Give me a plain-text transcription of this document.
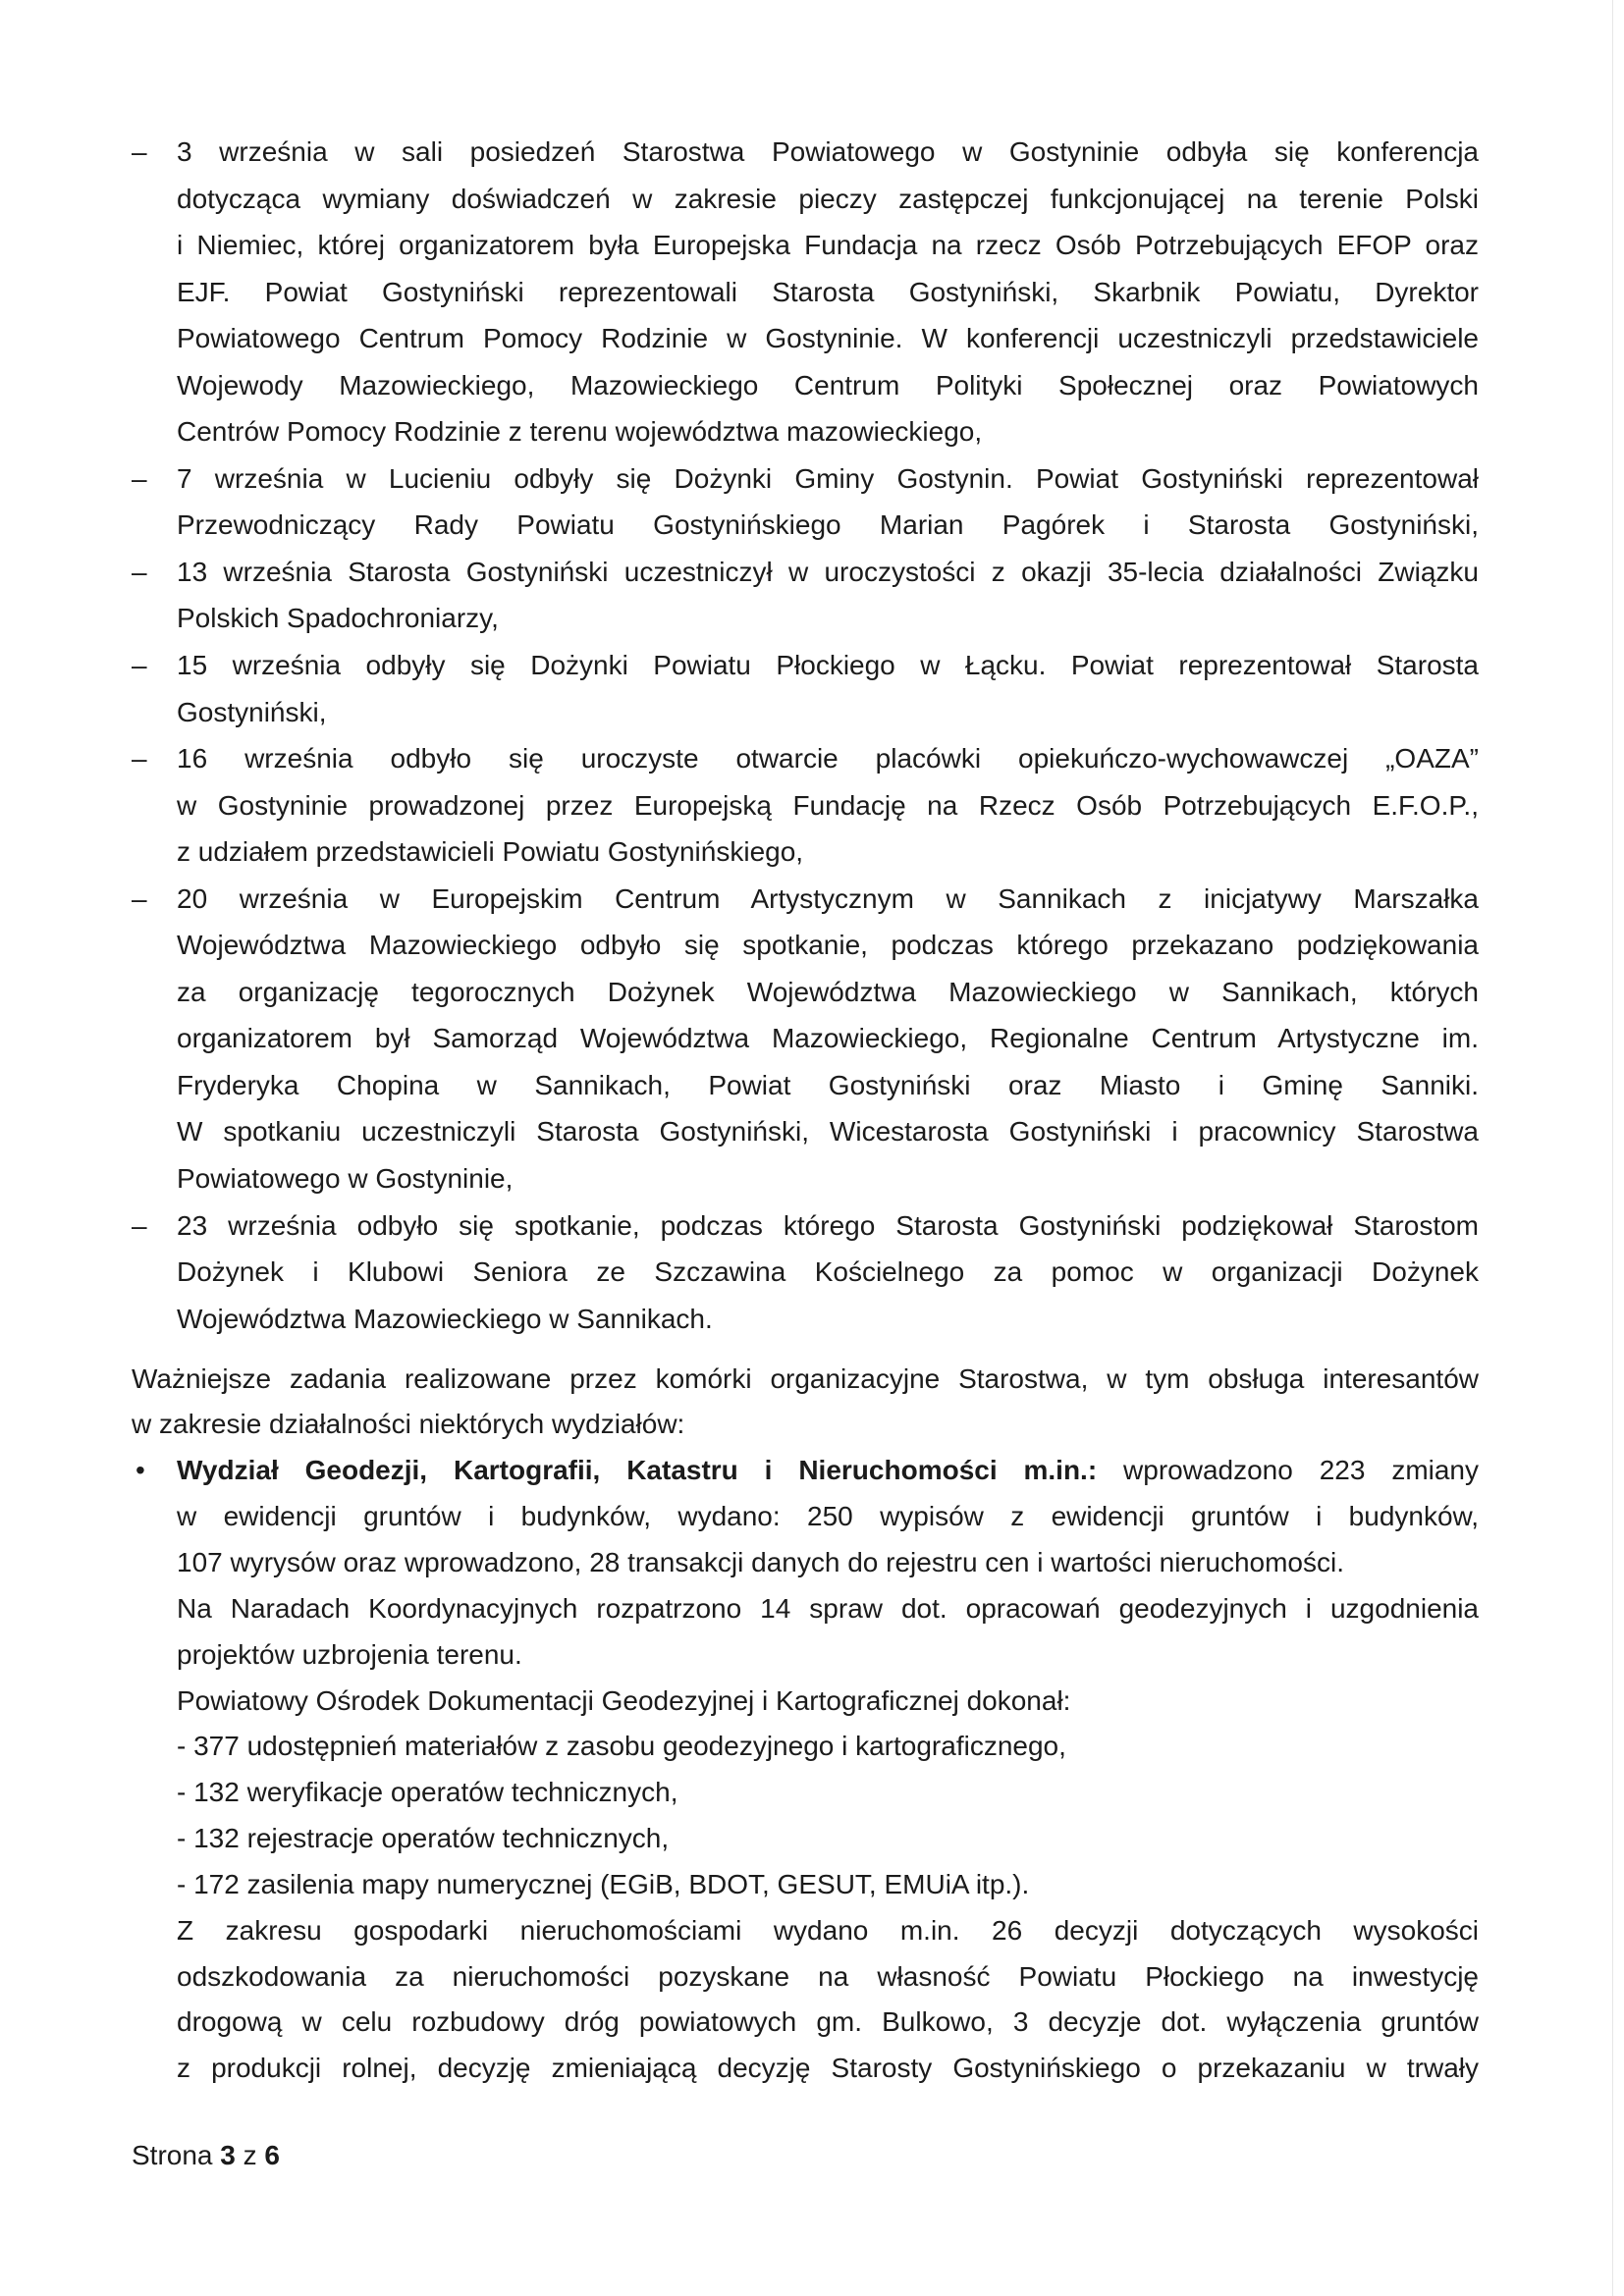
– 3 września w sali posiedzeń Starostwa Powiatowego w Gostyninie odbyła się konferencja
dotycząca wymiany doświadczeń w zakresie pieczy zastępczej funkcjonującej na terenie Polski
i Niemiec, której organizatorem była Europejska Fundacja na rzecz Osób Potrzebujących EFOP oraz
EJF. Powiat Gostyniński reprezentowali Starosta Gostyniński, Skarbnik Powiatu, Dyrektor
Powiatowego Centrum Pomocy Rodzinie w Gostyninie. W konferencji uczestniczyli przedstawiciele
Wojewody Mazowieckiego, Mazowieckiego Centrum Polityki Społecznej oraz Powiatowych
Centrów Pomocy Rodzinie z terenu województwa mazowieckiego,
– 7 września w Lucieniu odbyły się Dożynki Gminy Gostynin. Powiat Gostyniński reprezentował
Przewodniczący Rady Powiatu Gostynińskiego Marian Pagórek i Starosta Gostyniński,
– 13 września Starosta Gostyniński uczestniczył w uroczystości z okazji 35-lecia działalności Związku
Polskich Spadochroniarzy,
– 15 września odbyły się Dożynki Powiatu Płockiego w Łącku. Powiat reprezentował Starosta
Gostyniński,
– 16 września odbyło się uroczyste otwarcie placówki opiekuńczo-wychowawczej „OAZA”
w Gostyninie prowadzonej przez Europejską Fundację na Rzecz Osób Potrzebujących E.F.O.P.,
z udziałem przedstawicieli Powiatu Gostynińskiego,
– 20 września w Europejskim Centrum Artystycznym w Sannikach z inicjatywy Marszałka
Województwa Mazowieckiego odbyło się spotkanie, podczas którego przekazano podziękowania
za organizację tegorocznych Dożynek Województwa Mazowieckiego w Sannikach, których
organizatorem był Samorząd Województwa Mazowieckiego, Regionalne Centrum Artystyczne im.
Fryderyka Chopina w Sannikach, Powiat Gostyniński oraz Miasto i Gminę Sanniki.
W spotkaniu uczestniczyli Starosta Gostyniński, Wicestarosta Gostyniński i pracownicy Starostwa
Powiatowego w Gostyninie,
– 23 września odbyło się spotkanie, podczas którego Starosta Gostyniński podziękował Starostom
Dożynek i Klubowi Seniora ze Szczawina Kościelnego za pomoc w organizacji Dożynek
Województwa Mazowieckiego w Sannikach.
Ważniejsze zadania realizowane przez komórki organizacyjne Starostwa, w tym obsługa interesantów
w zakresie działalności niektórych wydziałów:
• Wydział Geodezji, Kartografii, Katastru i Nieruchomości m.in.: wprowadzono 223 zmiany
w ewidencji gruntów i budynków, wydano: 250 wypisów z ewidencji gruntów i budynków,
107 wyrysów oraz wprowadzono, 28 transakcji danych do rejestru cen i wartości nieruchomości.
Na Naradach Koordynacyjnych rozpatrzono 14 spraw dot. opracowań geodezyjnych i uzgodnienia
projektów uzbrojenia terenu.
Powiatowy Ośrodek Dokumentacji Geodezyjnej i Kartograficznej dokonał:
- 377 udostępnień materiałów z zasobu geodezyjnego i kartograficznego,
- 132 weryfikacje operatów technicznych,
- 132 rejestracje operatów technicznych,
- 172 zasilenia mapy numerycznej (EGiB, BDOT, GESUT, EMUiA itp.).
Z zakresu gospodarki nieruchomościami wydano m.in. 26 decyzji dotyczących wysokości
odszkodowania za nieruchomości pozyskane na własność Powiatu Płockiego na inwestycję
drogową w celu rozbudowy dróg powiatowych gm. Bulkowo, 3 decyzje dot. wyłączenia gruntów
z produkcji rolnej, decyzję zmieniającą decyzję Starosty Gostynińskiego o przekazaniu w trwały
Strona 3 z 6
